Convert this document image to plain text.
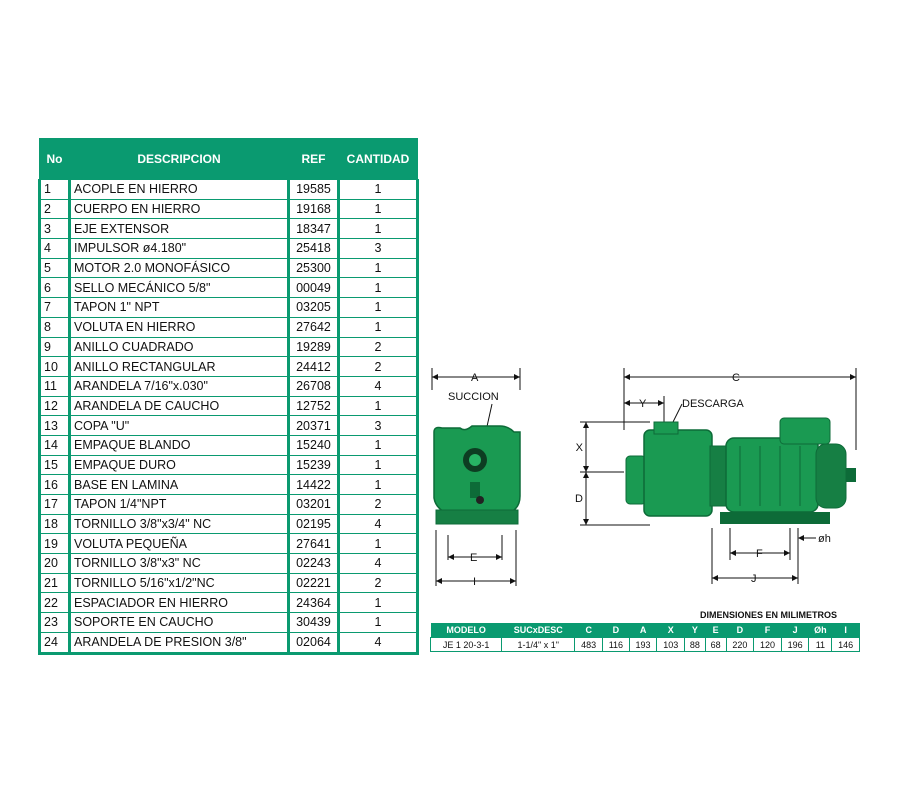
No	DESCRIPCION	REF	CANTIDAD
1	ACOPLE EN HIERRO	19585	1
2	CUERPO EN HIERRO	19168	1
3	EJE EXTENSOR	18347	1
4	IMPULSOR ø4.180"	25418	3
5	MOTOR 2.0 MONOFÁSICO	25300	1
6	SELLO MECÁNICO 5/8"	00049	1
7	TAPON 1" NPT	03205	1
8	VOLUTA EN HIERRO	27642	1
9	ANILLO CUADRADO	19289	2
10	ANILLO RECTANGULAR	24412	2
11	ARANDELA 7/16"x.030"	26708	4
12	ARANDELA DE CAUCHO	12752	1
13	COPA "U"	20371	3
14	EMPAQUE BLANDO	15240	1
15	EMPAQUE DURO	15239	1
16	BASE EN LAMINA	14422	1
17	TAPON 1/4"NPT	03201	2
18	TORNILLO 3/8"x3/4" NC	02195	4
19	VOLUTA PEQUEÑA	27641	1
20	TORNILLO 3/8"x3" NC	02243	4
21	TORNILLO 5/16"x1/2"NC	02221	2
22	ESPACIADOR EN HIERRO	24364	1
23	SOPORTE EN CAUCHO	30439	1
24	ARANDELA DE PRESION 3/8"	02064	4
A
SUCCION
E
I
C
Y	DESCARGA
X
D
F
øh
J
DIMENSIONES EN MILIMETROS
MODELO	SUCxDESC	C	D	A	X	Y	E	D	F	J	Øh	I
JE 1 20-3-1	1-1/4" x 1"	483	116	193	103	88	68	220	120	196	11	146
